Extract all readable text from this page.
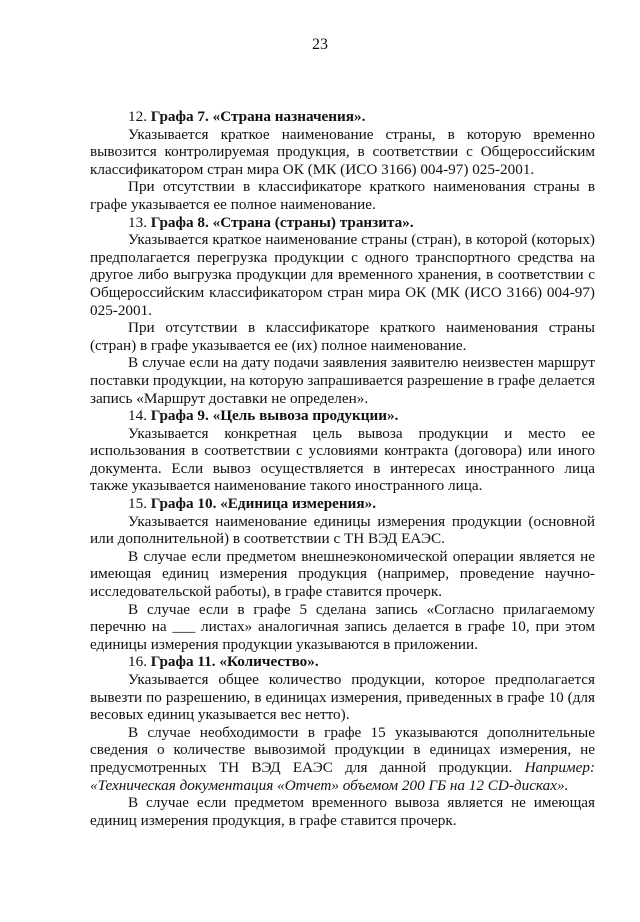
23

12. Графа 7. «Страна назначения».

Указывается краткое наименование страны, в которую временно вывозится контролируемая продукция, в соответствии с Общероссийским классификатором стран мира ОК (МК (ИСО 3166) 004-97) 025-2001.

При отсутствии в классификаторе краткого наименования страны в графе указывается ее полное наименование.

13. Графа 8. «Страна (страны) транзита».

Указывается краткое наименование страны (стран), в которой (которых) предполагается перегрузка продукции с одного транспортного средства на другое либо выгрузка продукции для временного хранения, в соответствии с Общероссийским классификатором стран мира ОК (МК (ИСО 3166) 004-97) 025-2001.

При отсутствии в классификаторе краткого наименования страны (стран) в графе указывается ее (их) полное наименование.

В случае если на дату подачи заявления заявителю неизвестен маршрут поставки продукции, на которую запрашивается разрешение в графе делается запись «Маршрут доставки не определен».

14. Графа 9. «Цель вывоза продукции».

Указывается конкретная цель вывоза продукции и место ее использования в соответствии с условиями контракта (договора) или иного документа. Если вывоз осуществляется в интересах иностранного лица также указывается наименование такого иностранного лица.

15. Графа 10. «Единица измерения».

Указывается наименование единицы измерения продукции (основной или дополнительной) в соответствии с ТН ВЭД ЕАЭС.

В случае если предметом внешнеэкономической операции является не имеющая единиц измерения продукция (например, проведение научно-исследовательской работы), в графе ставится прочерк.

В случае если в графе 5 сделана запись «Согласно прилагаемому перечню на ___ листах» аналогичная запись делается в графе 10, при этом единицы измерения продукции указываются в приложении.

16. Графа 11. «Количество».

Указывается общее количество продукции, которое предполагается вывезти по разрешению, в единицах измерения, приведенных в графе 10 (для весовых единиц указывается вес нетто).

В случае необходимости в графе 15 указываются дополнительные сведения о количестве вывозимой продукции в единицах измерения, не предусмотренных ТН ВЭД ЕАЭС для данной продукции. Например: «Техническая документация «Отчет» объемом 200 ГБ на 12 CD-дисках».

В случае если предметом временного вывоза является не имеющая единиц измерения продукция, в графе ставится прочерк.
